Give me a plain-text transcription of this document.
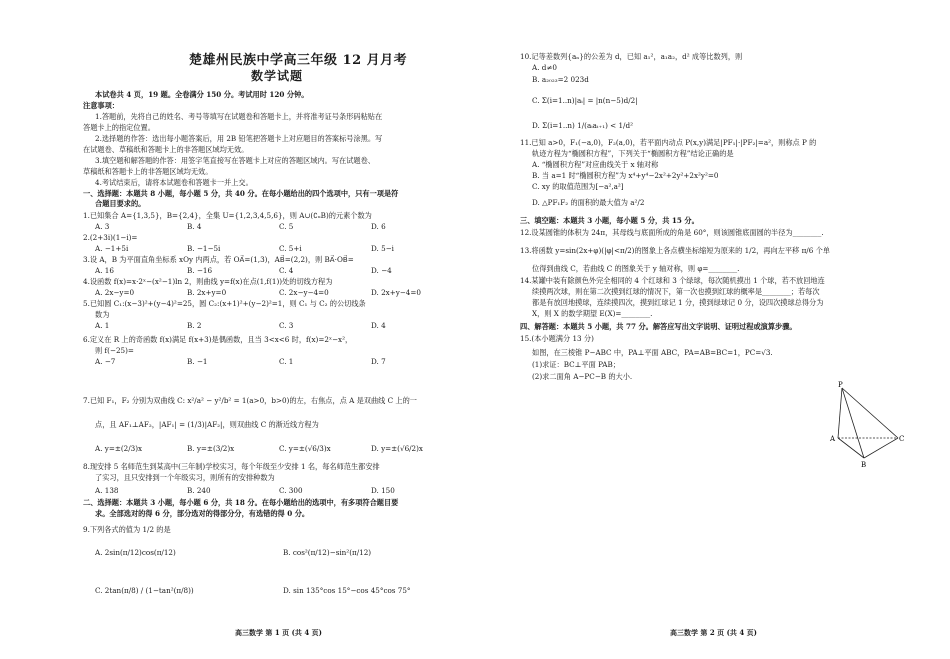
楚雄州民族中学高三年级 12 月月考
数学试题
本试卷共 4 页，19 题。全卷满分 150 分。考试用时 120 分钟。
注意事项：
1.答题前，先将自己的姓名、考号等填写在试题卷和答题卡上，并将准考证号条形码粘贴在
答题卡上的指定位置。
2.选择题的作答：选出每小题答案后，用 2B 铅笔把答题卡上对应题目的答案标号涂黑。写
在试题卷、草稿纸和答题卡上的非答题区域均无效。
3.填空题和解答题的作答：用签字笔直接写在答题卡上对应的答题区域内。写在试题卷、
草稿纸和答题卡上的非答题区域均无效。
4.考试结束后，请将本试题卷和答题卡一并上交。
一、选择题：本题共 8 小题，每小题 5 分，共 40 分。在每小题给出的四个选项中，只有一项是符
合题目要求的。
1.已知集合 A={1,3,5}，B={2,4}，全集 U={1,2,3,4,5,6}，则 A∪(∁ᵤB)的元素个数为
A. 3	B. 4	C. 5	D. 6
2.(2+3i)(1−i)=
A. −1+5i	B. −1−5i	C. 5+i	D. 5−i
3.设 A，B 为平面直角坐标系 xOy 内两点，若 OA⃗=(1,3)，AB⃗=(2,2)，则 BA⃗·OB⃗=
A. 16	B. −16	C. 4	D. −4
4.设函数 f(x)=x·2ˣ−(x²−1)ln 2，则曲线 y=f(x)在点(1,f(1))处的切线方程为
A. 2x−y=0	B. 2x+y=0	C. 2x−y−4=0	D. 2x+y−4=0
5.已知圆 C₁:(x−3)²+(y−4)²=25，圆 C₂:(x+1)²+(y−2)²=1，则 C₁ 与 C₂ 的公切线条
数为
A. 1	B. 2	C. 3	D. 4
6.定义在 R 上的奇函数 f(x)满足 f(x+3)是偶函数，且当 3<x<6 时，f(x)=2ˣ−x²，
则 f(−25)=
A. −7	B. −1	C. 1	D. 7
7.已知 F₁，F₂ 分别为双曲线 C: x²/a² − y²/b² = 1(a>0，b>0)的左，右焦点，点 A 是双曲线 C 上的一
点，且 AF₁⊥AF₂，|AF₁| = (1/3)|AF₂|，则双曲线 C 的渐近线方程为
A. y=±(2/3)x	B. y=±(3/2)x	C. y=±(√6/3)x	D. y=±(√6/2)x
8.现安排 5 名师范生到某高中(三年制)学校实习，每个年级至少安排 1 名，每名师范生都安排
了实习，且只安排到一个年级实习，则所有的安排种数为
A. 138	B. 240	C. 300	D. 150
二、选择题：本题共 3 小题，每小题 6 分，共 18 分。在每小题给出的选项中，有多项符合题目要
求。全部选对的得 6 分，部分选对的得部分分，有选错的得 0 分。
9.下列各式的值为 1/2 的是
A. 2sin(π/12)cos(π/12)	B. cos²(π/12)−sin²(π/12)
C. 2tan(π/8) / (1−tan²(π/8))	D. sin 135°cos 15°−cos 45°cos 75°
高三数学 第 1 页 (共 4 页)
10.记等差数列{aₙ}的公差为 d，已知 a₁²，a₁a₂，d² 成等比数列，则
A. d≠0
B. a₂₀₂₃=2 023d
C. Σ(i=1..n)|aᵢ| = |n(n−5)d/2|
D. Σ(i=1..n) 1/(aᵢaᵢ₊₁) < 1/d²
11.已知 a>0，F₁(−a,0)，F₂(a,0)，若平面内动点 P(x,y)满足|PF₁|·|PF₂|=a²，则称点 P 的
轨迹方程为“椭圆积方程”，下列关于“椭圆积方程”结论正确的是
A. “椭圆积方程”对应曲线关于 x 轴对称
B. 当 a=1 时“椭圆积方程”为 x⁴+y⁴−2x²+2y²+2x²y²=0
C. xy 的取值范围为[−a²,a²]
D. △PF₁F₂ 的面积的最大值为 a²/2
三、填空题：本题共 3 小题，每小题 5 分，共 15 分。
12.设某圆锥的体积为 24π，其母线与底面所成的角是 60°，则该圆锥底面圆的半径为________.
13.将函数 y=sin(2x+φ)(|φ|<π/2)的图象上各点横坐标缩短为原来的 1/2，再向左平移 π/6 个单
位得到曲线 C，若曲线 C 的图象关于 y 轴对称，则 φ=________.
14.某罐中装有除颜色外完全相同的 4 个红球和 3 个绿球，每次随机摸出 1 个球，若不放回地连
续摸两次球，则在第二次摸到红球的情况下，第一次也摸到红球的概率是________；若每次
都是有放回地摸球，连续摸四次，摸到红球记 1 分，摸到绿球记 0 分，设四次摸球总得分为
X，则 X 的数学期望 E(X)=________.
四、解答题：本题共 5 小题，共 77 分。解答应写出文字说明、证明过程或演算步骤。
15.(本小题满分 13 分)
如图，在三棱锥 P−ABC 中，PA⊥平面 ABC，PA=AB=BC=1，PC=√3.
(1)求证：BC⊥平面 PAB；
(2)求二面角 A−PC−B 的大小.
P
A
B
C
高三数学 第 2 页 (共 4 页)
